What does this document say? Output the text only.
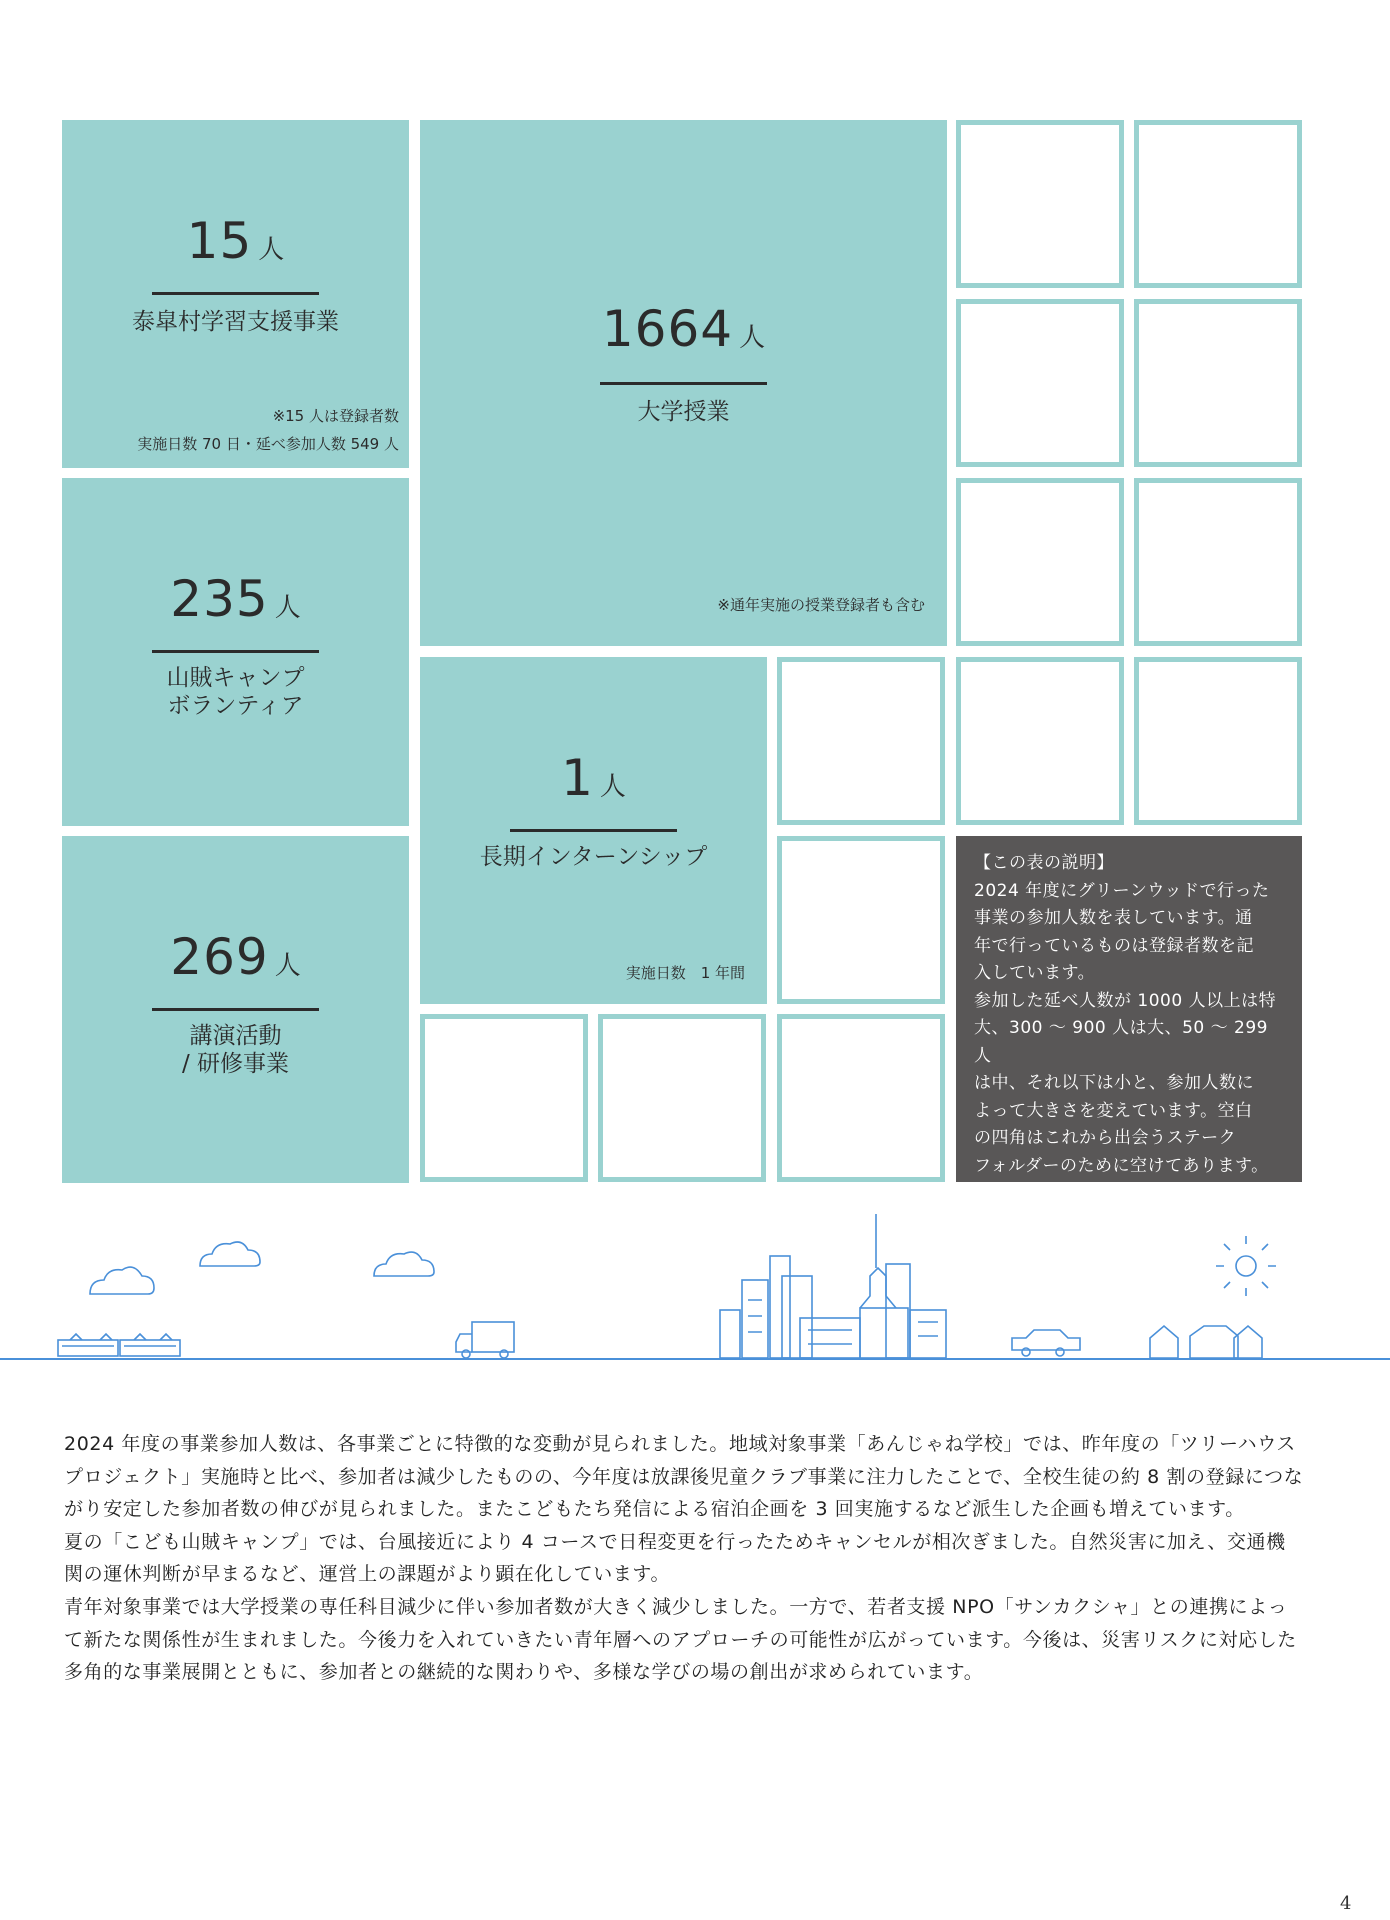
15 人
泰皐村学習支援事業
※15 人は登録者数
実施日数 70 日・延べ参加人数 549 人
1664 人
大学授業
※通年実施の授業登録者も含む
235 人
山賊キャンプ
ボランティア
1 人
長期インターンシップ
実施日数　1 年間
269 人
講演活動
/ 研修事業

【この表の説明】

2024 年度にグリーンウッドで行った
事業の参加人数を表しています。通
年で行っているものは登録者数を記
入しています。
参加した延べ人数が 1000 人以上は特
大、300 〜 900 人は大、50 〜 299 人
は中、それ以下は小と、参加人数に
よって大きさを変えています。空白
の四角はこれから出会うステーク
フォルダーのために空けてあります。

2024 年度の事業参加人数は、各事業ごとに特徴的な変動が見られました。地域対象事業「あんじゃね学校」では、昨年度の「ツリーハウスプロジェクト」実施時と比べ、参加者は減少したものの、今年度は放課後児童クラブ事業に注力したことで、全校生徒の約 8 割の登録につながり安定した参加者数の伸びが見られました。またこどもたち発信による宿泊企画を 3 回実施するなど派生した企画も増えています。

夏の「こども山賊キャンプ」では、台風接近により 4 コースで日程変更を行ったためキャンセルが相次ぎました。自然災害に加え、交通機関の運休判断が早まるなど、運営上の課題がより顕在化しています。

青年対象事業では大学授業の専任科目減少に伴い参加者数が大きく減少しました。一方で、若者支援 NPO「サンカクシャ」との連携によって新たな関係性が生まれました。今後力を入れていきたい青年層へのアプローチの可能性が広がっています。今後は、災害リスクに対応した多角的な事業展開とともに、参加者との継続的な関わりや、多様な学びの場の創出が求められています。

4
